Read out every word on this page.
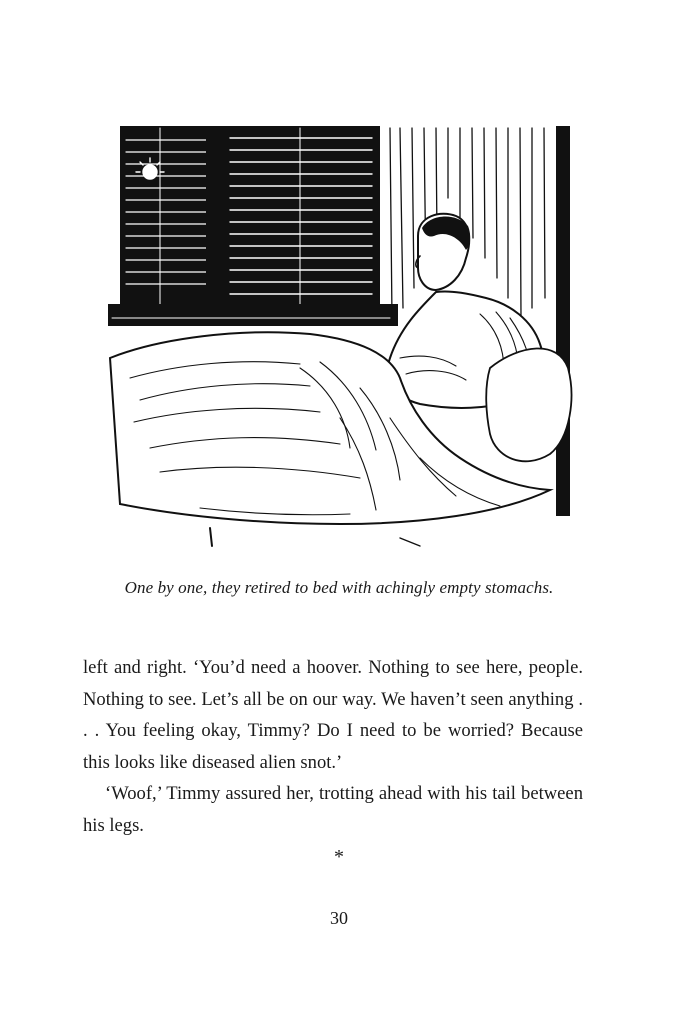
One by one, they retired to bed with achingly empty stomachs.

left and right. ‘You’d need a hoover. Nothing to see here, people. Nothing to see. Let’s all be on our way. We haven’t seen anything . . . You feeling okay, Timmy? Do I need to be worried? Because this looks like diseased alien snot.’

‘Woof,’ Timmy assured her, trotting ahead with his tail between his legs.

*
30
